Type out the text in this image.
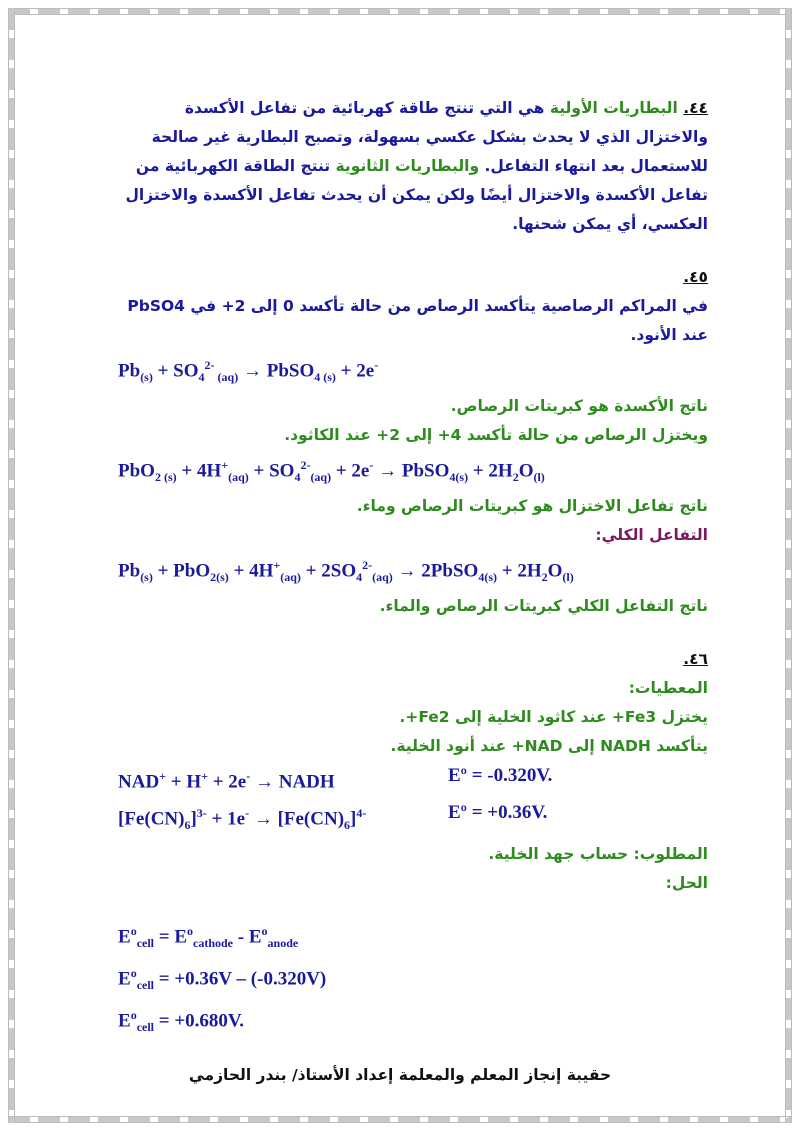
٤٤. البطاريات الأولية هي التي تنتج طاقة كهربائية من تفاعل الأكسدة والاختزال الذي لا يحدث بشكل عكسي بسهولة، وتصبح البطارية غير صالحة للاستعمال بعد انتهاء التفاعل. والبطاريات الثانوية تنتج الطاقة الكهربائية من تفاعل الأكسدة والاختزال أيضًا ولكن يمكن أن يحدث تفاعل الأكسدة والاختزال العكسي، أي يمكن شحنها.
٤٥.
في المراكم الرصاصية يتأكسد الرصاص من حالة تأكسد 0 إلى 2+ في PbSO4
عند الأنود.
$Pb_{(s)} + SO_4^{2-}$ $_{(aq)}$ → PbSO$_{4 (s)}$ + 2e-
ناتج الأكسدة هو كبريتات الرصاص.
ويختزل الرصاص من حالة تأكسد 4+ إلى 2+ عند الكاثود.
$PbO_{2 (s)} + 4H^+_{(aq)} + SO_4^{2-}_{(aq)} + 2e^-$ → PbSO$_{4(s)}$ + $2H_2O_{(l)}$
ناتج تفاعل الاختزال هو كبريتات الرصاص وماء.
التفاعل الكلي:
$Pb_{(s)} + PbO_{2(s)} + 4H^+_{(aq)} + 2SO_4^{2-}_{(aq)}$ → 2PbSO$_{4(s)}$ + $2H_2O_{(l)}$
ناتج التفاعل الكلي كبريتات الرصاص والماء.
٤٦.
المعطيات:
يختزل Fe3+ عند كاثود الخلية إلى Fe2+.
يتأكسد NADH إلى NAD+ عند أنود الخلية.
NAD+ + H+ + 2e- → NADH	Eº = -0.320V.
$[Fe(CN)_6]^{3-} + 1e^- \to [Fe(CN)_6]^{4-}$	Eº = +0.36V.
المطلوب: حساب جهد الخلية.
الحل:
$E^o_{cell} = E^o_{cathode} - E^o_{anode}$
$E^o_{cell} = +0.36V - (-0.320V)$
$E^o_{cell} = +0.680V$.
حقيبة إنجاز المعلم والمعلمة إعداد الأستاذ/ بندر الحازمي
